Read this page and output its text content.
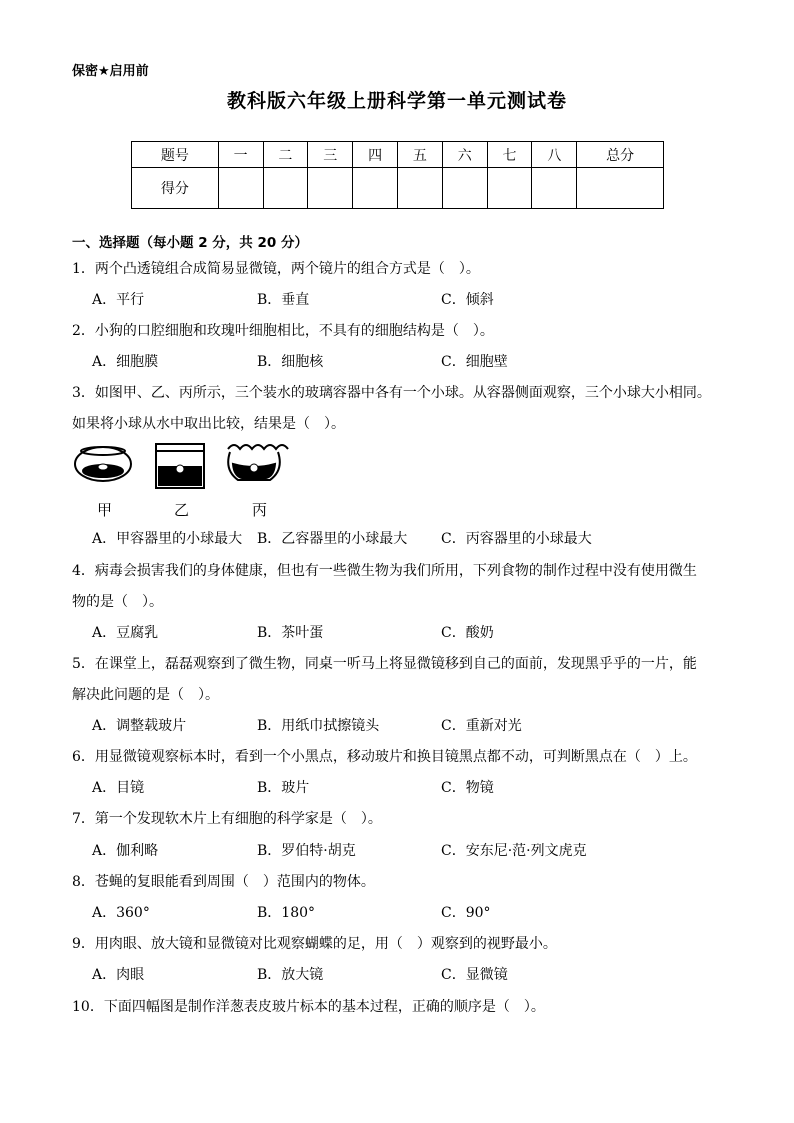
保密★启用前
教科版六年级上册科学第一单元测试卷
题号	一	二	三	四	五	六	七	八	总分
得分									
一、选择题（每小题 2 分，共 20 分）
1．两个凸透镜组合成简易显微镜，两个镜片的组合方式是（　）。
A．平行	B．垂直	C．倾斜
2．小狗的口腔细胞和玫瑰叶细胞相比，不具有的细胞结构是（　）。
A．细胞膜	B．细胞核	C．细胞壁
3．如图甲、乙、丙所示，三个装水的玻璃容器中各有一个小球。从容器侧面观察，三个小球大小相同。
如果将小球从水中取出比较，结果是（　）。
甲	乙	丙
A．甲容器里的小球最大 B．乙容器里的小球最大 C．丙容器里的小球最大
4．病毒会损害我们的身体健康，但也有一些微生物为我们所用，下列食物的制作过程中没有使用微生
物的是（　）。
A．豆腐乳	B．茶叶蛋	C．酸奶
5．在课堂上，磊磊观察到了微生物，同桌一听马上将显微镜移到自己的面前，发现黑乎乎的一片，能
解决此问题的是（　）。
A．调整载玻片	B．用纸巾拭擦镜头	C．重新对光
6．用显微镜观察标本时，看到一个小黑点，移动玻片和换目镜黑点都不动，可判断黑点在（　）上。
A．目镜	B．玻片	C．物镜
7．第一个发现软木片上有细胞的科学家是（　）。
A．伽利略	B．罗伯特·胡克	C．安东尼·范·列文虎克
8．苍蝇的复眼能看到周围（　）范围内的物体。
A．360°	B．180°	C．90°
9．用肉眼、放大镜和显微镜对比观察蝴蝶的足，用（　）观察到的视野最小。
A．肉眼	B．放大镜	C．显微镜
10．下面四幅图是制作洋葱表皮玻片标本的基本过程，正确的顺序是（　）。
